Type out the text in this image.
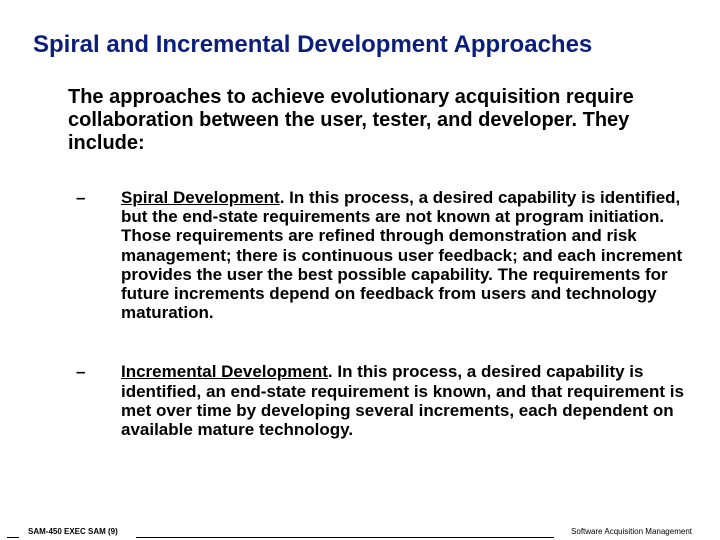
Spiral and Incremental Development Approaches
The approaches to achieve evolutionary acquisition require collaboration between the user, tester, and developer. They include:
– Spiral Development. In this process, a desired capability is identified, but the end-state requirements are not known at program initiation. Those requirements are refined through demonstration and risk management; there is continuous user feedback; and each increment provides the user the best possible capability. The requirements for future increments depend on feedback from users and technology maturation.
– Incremental Development. In this process, a desired capability is identified, an end-state requirement is known, and that requirement is met over time by developing several increments, each dependent on available mature technology.
SAM-450 EXEC SAM (9)	Software Acquisition Management
